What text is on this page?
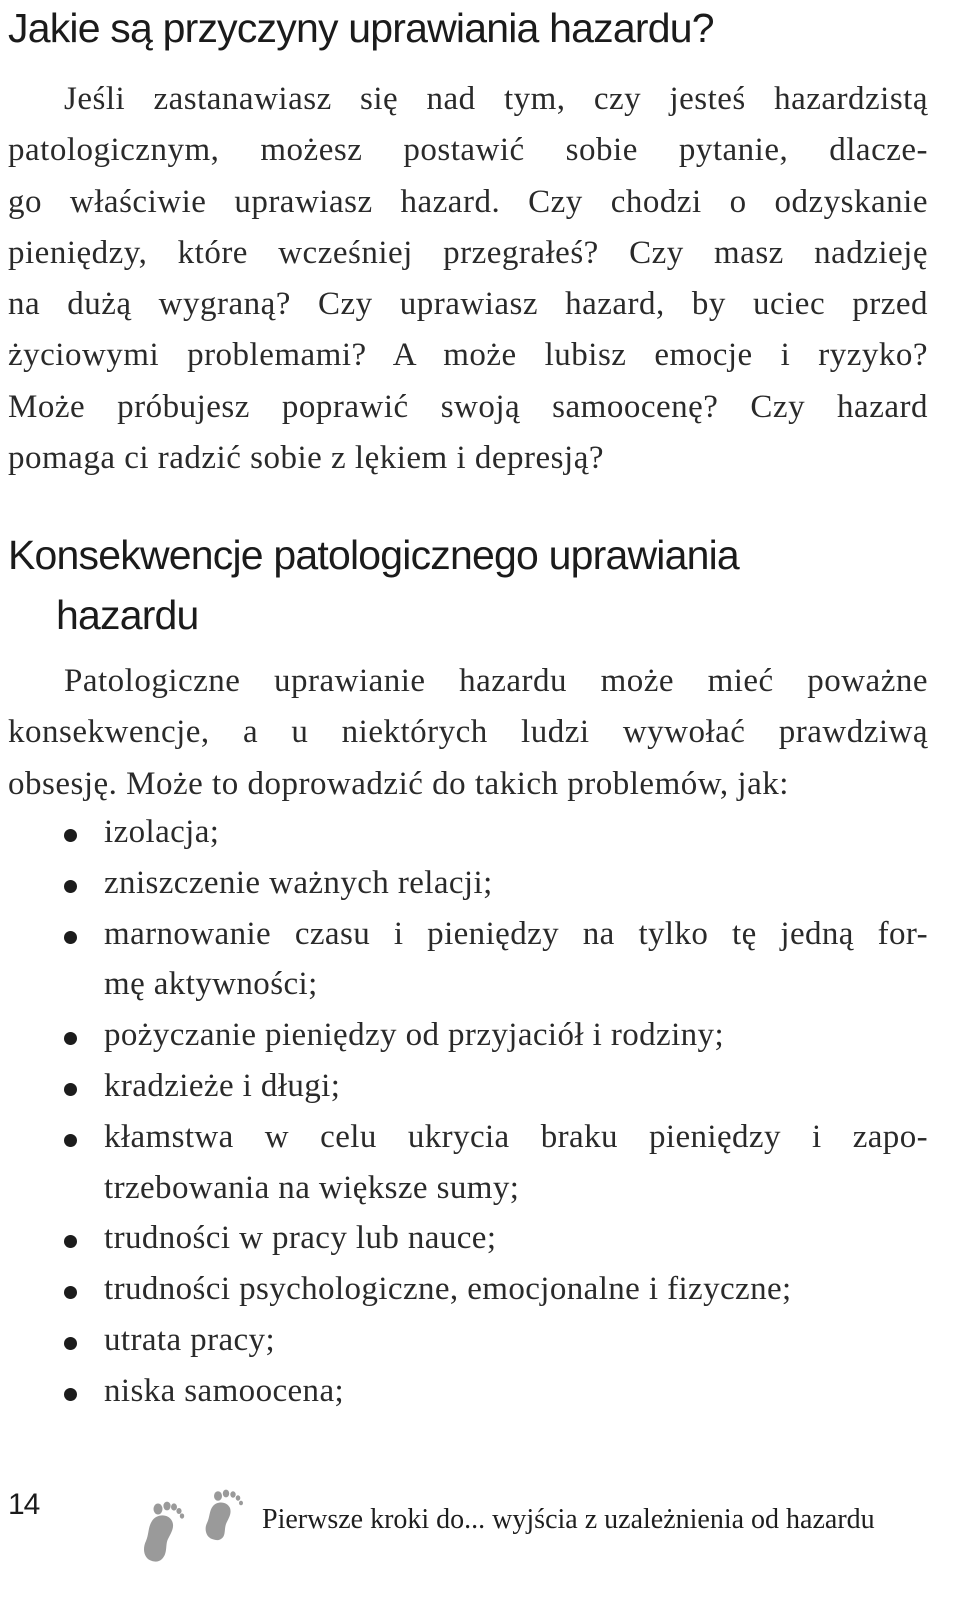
Jakie są przyczyny uprawiania hazardu?

Jeśli zastanawiasz się nad tym, czy jesteś hazardzistą
patologicznym, możesz postawić sobie pytanie, dlacze-
go właściwie uprawiasz hazard. Czy chodzi o odzyskanie
pieniędzy, które wcześniej przegrałeś? Czy masz nadzieję
na dużą wygraną? Czy uprawiasz hazard, by uciec przed
życiowymi problemami? A może lubisz emocje i ryzyko?
Może próbujesz poprawić swoją samoocenę? Czy hazard
pomaga ci radzić sobie z lękiem i depresją?

Konsekwencje patologicznego uprawiania
hazardu

Patologiczne uprawianie hazardu może mieć poważne
konsekwencje, a u niektórych ludzi wywołać prawdziwą
obsesję. Może to doprowadzić do takich problemów, jak:

izolacja;
zniszczenie ważnych relacji;
marnowanie czasu i pieniędzy na tylko tę jedną for-
mę aktywności;
pożyczanie pieniędzy od przyjaciół i rodziny;
kradzieże i długi;
kłamstwa w celu ukrycia braku pieniędzy i zapo-
trzebowania na większe sumy;
trudności w pracy lub nauce;
trudności psychologiczne, emocjonalne i fizyczne;
utrata pracy;
niska samoocena;
14	Pierwsze kroki do... wyjścia z uzależnienia od hazardu
